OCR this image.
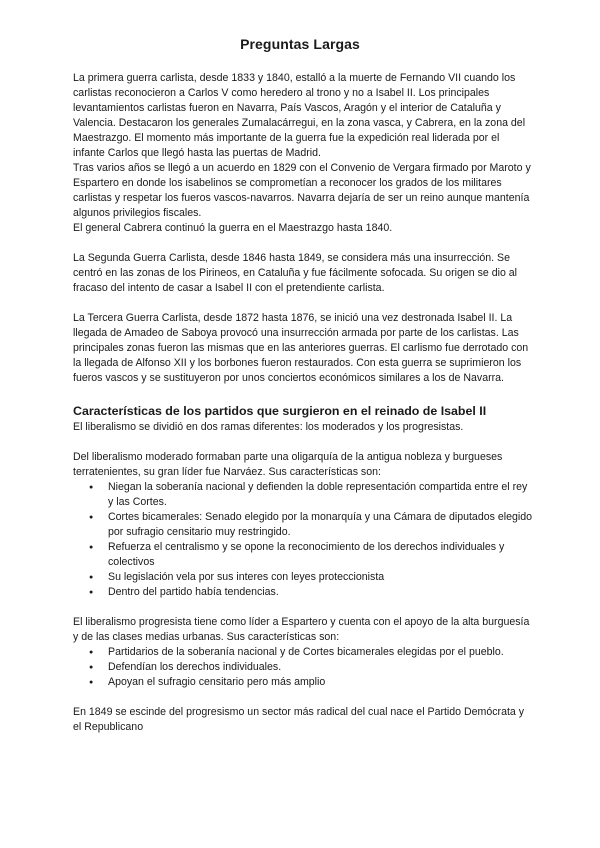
Preguntas Largas

La primera guerra carlista, desde 1833 y 1840, estalló a la muerte de Fernando VII cuando los carlistas reconocieron a Carlos V como heredero al trono y no a Isabel II. Los principales levantamientos carlistas fueron en Navarra, País Vascos, Aragón y el interior de Cataluña y Valencia. Destacaron los generales Zumalacárregui, en la zona vasca, y Cabrera, en la zona del Maestrazgo. El momento más importante de la guerra fue la expedición real liderada por el infante Carlos que llegó hasta las puertas de Madrid.

Tras varios años se llegó a un acuerdo en 1829 con el Convenio de Vergara firmado por Maroto y Espartero en donde los isabelinos se comprometían a reconocer los grados de los militares carlistas y respetar los fueros vascos-navarros. Navarra dejaría de ser un reino aunque mantenía algunos privilegios fiscales.

El general Cabrera continuó la guerra en el Maestrazgo hasta 1840.

La Segunda Guerra Carlista, desde 1846 hasta 1849, se considera más una insurrección. Se centró en las zonas de los Pirineos, en Cataluña y fue fácilmente sofocada. Su origen se dio al fracaso del intento de casar a Isabel II con el pretendiente carlista.

La Tercera Guerra Carlista, desde 1872 hasta 1876, se inició una vez destronada Isabel II. La llegada de Amadeo de Saboya provocó una insurrección armada por parte de los carlistas. Las principales zonas fueron las mismas que en las anteriores guerras. El carlismo fue derrotado con la llegada de Alfonso XII y los borbones fueron restaurados. Con esta guerra se suprimieron los fueros vascos y se sustituyeron por unos conciertos económicos similares a los de Navarra.

Características de los partidos que surgieron en el reinado de Isabel II

El liberalismo se dividió en dos ramas diferentes: los moderados y los progresistas.

Del liberalismo moderado formaban parte una oligarquía de la antigua nobleza y burgueses terratenientes, su gran líder fue Narváez. Sus características son:

● Niegan la soberanía nacional y defienden la doble representación compartida entre el rey y las Cortes.
● Cortes bicamerales: Senado elegido por la monarquía y una Cámara de diputados elegido por sufragio censitario muy restringido.
● Refuerza el centralismo y se opone la reconocimiento de los derechos individuales y colectivos
● Su legislación vela por sus interes con leyes proteccionista
● Dentro del partido había tendencias.

El liberalismo progresista tiene como líder a Espartero y cuenta con el apoyo de la alta burguesía y de las clases medias urbanas. Sus características son:

● Partidarios de la soberanía nacional y de Cortes bicamerales elegidas por el pueblo.
● Defendían los derechos individuales.
● Apoyan el sufragio censitario pero más amplio

En 1849 se escinde del progresismo un sector más radical del cual nace el Partido Demócrata y el Republicano
